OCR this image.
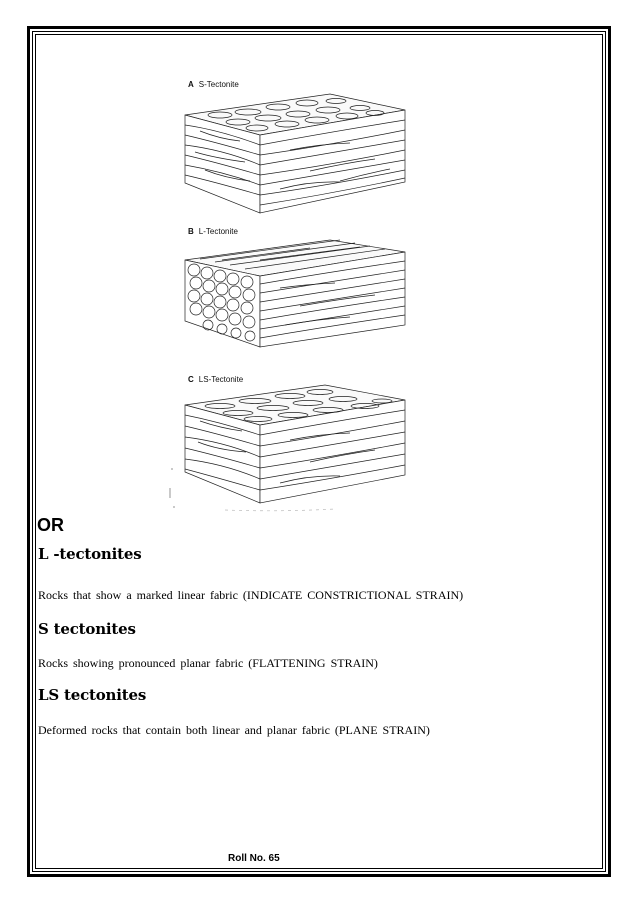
A S-Tectonite
B L-Tectonite
C LS-Tectonite
OR
L -tectonites
Rocks that show a marked linear fabric (INDICATE CONSTRICTIONAL STRAIN)
S tectonites
Rocks showing pronounced planar fabric (FLATTENING STRAIN)
LS tectonites
Deformed rocks that contain both linear and planar fabric (PLANE STRAIN)
Roll No. 65
